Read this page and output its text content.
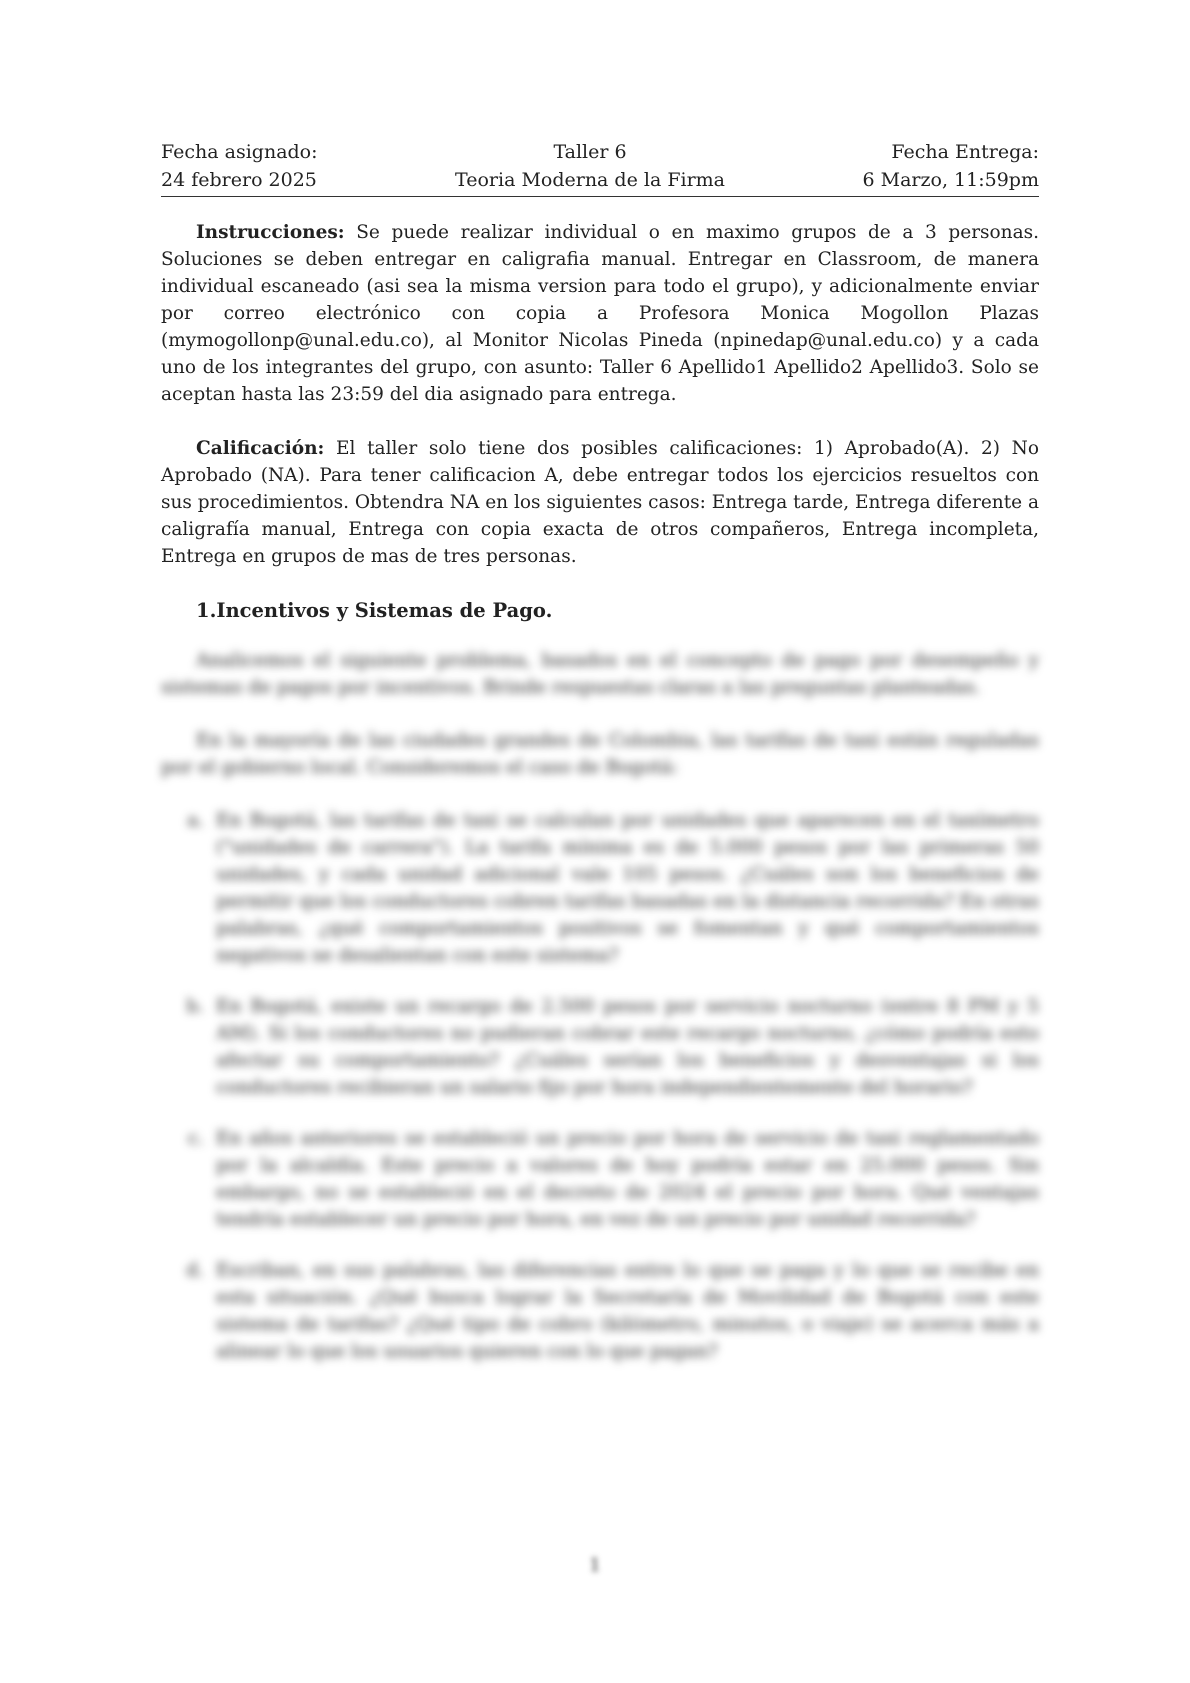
Fecha asignado:
24 febrero 2025
Taller 6
Teoria Moderna de la Firma
Fecha Entrega:
6 Marzo, 11:59pm

Instrucciones: Se puede realizar individual o en maximo grupos de a 3 personas. Soluciones se deben entregar en caligrafia manual. Entregar en Classroom, de manera individual escaneado (asi sea la misma version para todo el grupo), y adicionalmente enviar por correo electrónico con copia a Profesora Monica Mogollon Plazas (mymogollonp@unal.edu.co), al Monitor Nicolas Pineda (npinedap@unal.edu.co) y a cada uno de los integrantes del grupo, con asunto: Taller 6 Apellido1 Apellido2 Apellido3. Solo se aceptan hasta las 23:59 del dia asignado para entrega.

Calificación: El taller solo tiene dos posibles calificaciones: 1) Aprobado(A). 2) No Aprobado (NA). Para tener calificacion A, debe entregar todos los ejercicios resueltos con sus procedimientos. Obtendra NA en los siguientes casos: Entrega tarde, Entrega diferente a caligrafía manual, Entrega con copia exacta de otros compañeros, Entrega incompleta, Entrega en grupos de mas de tres personas.

1.Incentivos y Sistemas de Pago.

Analicemos el siguiente problema, basados en el concepto de pago por desempeño y sistemas de pagos por incentivos. Brinde respuestas claras a las preguntas planteadas.

En la mayoría de las ciudades grandes de Colombia, las tarifas de taxi están reguladas por el gobierno local. Consideremos el caso de Bogotá:

a. En Bogotá, las tarifas de taxi se calculan por unidades que aparecen en el taxímetro ("unidades de carrera"). La tarifa mínima es de 5.000 pesos por las primeras 50 unidades, y cada unidad adicional vale 105 pesos. ¿Cuáles son los beneficios de permitir que los conductores cobren tarifas basadas en la distancia recorrida? En otras palabras, ¿qué comportamientos positivos se fomentan y qué comportamientos negativos se desalientan con este sistema?
b. En Bogotá, existe un recargo de 2.500 pesos por servicio nocturno (entre 8 PM y 5 AM). Si los conductores no pudieran cobrar este recargo nocturno, ¿cómo podría esto afectar su comportamiento? ¿Cuáles serían los beneficios y desventajas si los conductores recibieran un salario fijo por hora independientemente del horario?
c. En años anteriores se estableció un precio por hora de servicio de taxi reglamentado por la alcaldía. Este precio a valores de hoy podría estar en 25.000 pesos. Sin embargo, no se estableció en el decreto de 2024 el precio por hora. Qué ventajas tendría establecer un precio por hora, en vez de un precio por unidad recorrida?
d. Escriban, en sus palabras, las diferencias entre lo que se paga y lo que se recibe en esta situación. ¿Qué busca lograr la Secretaría de Movilidad de Bogotá con este sistema de tarifas? ¿Qué tipo de cobro (kilómetro, minutos, o viaje) se acerca más a alinear lo que los usuarios quieren con lo que pagan?
1
